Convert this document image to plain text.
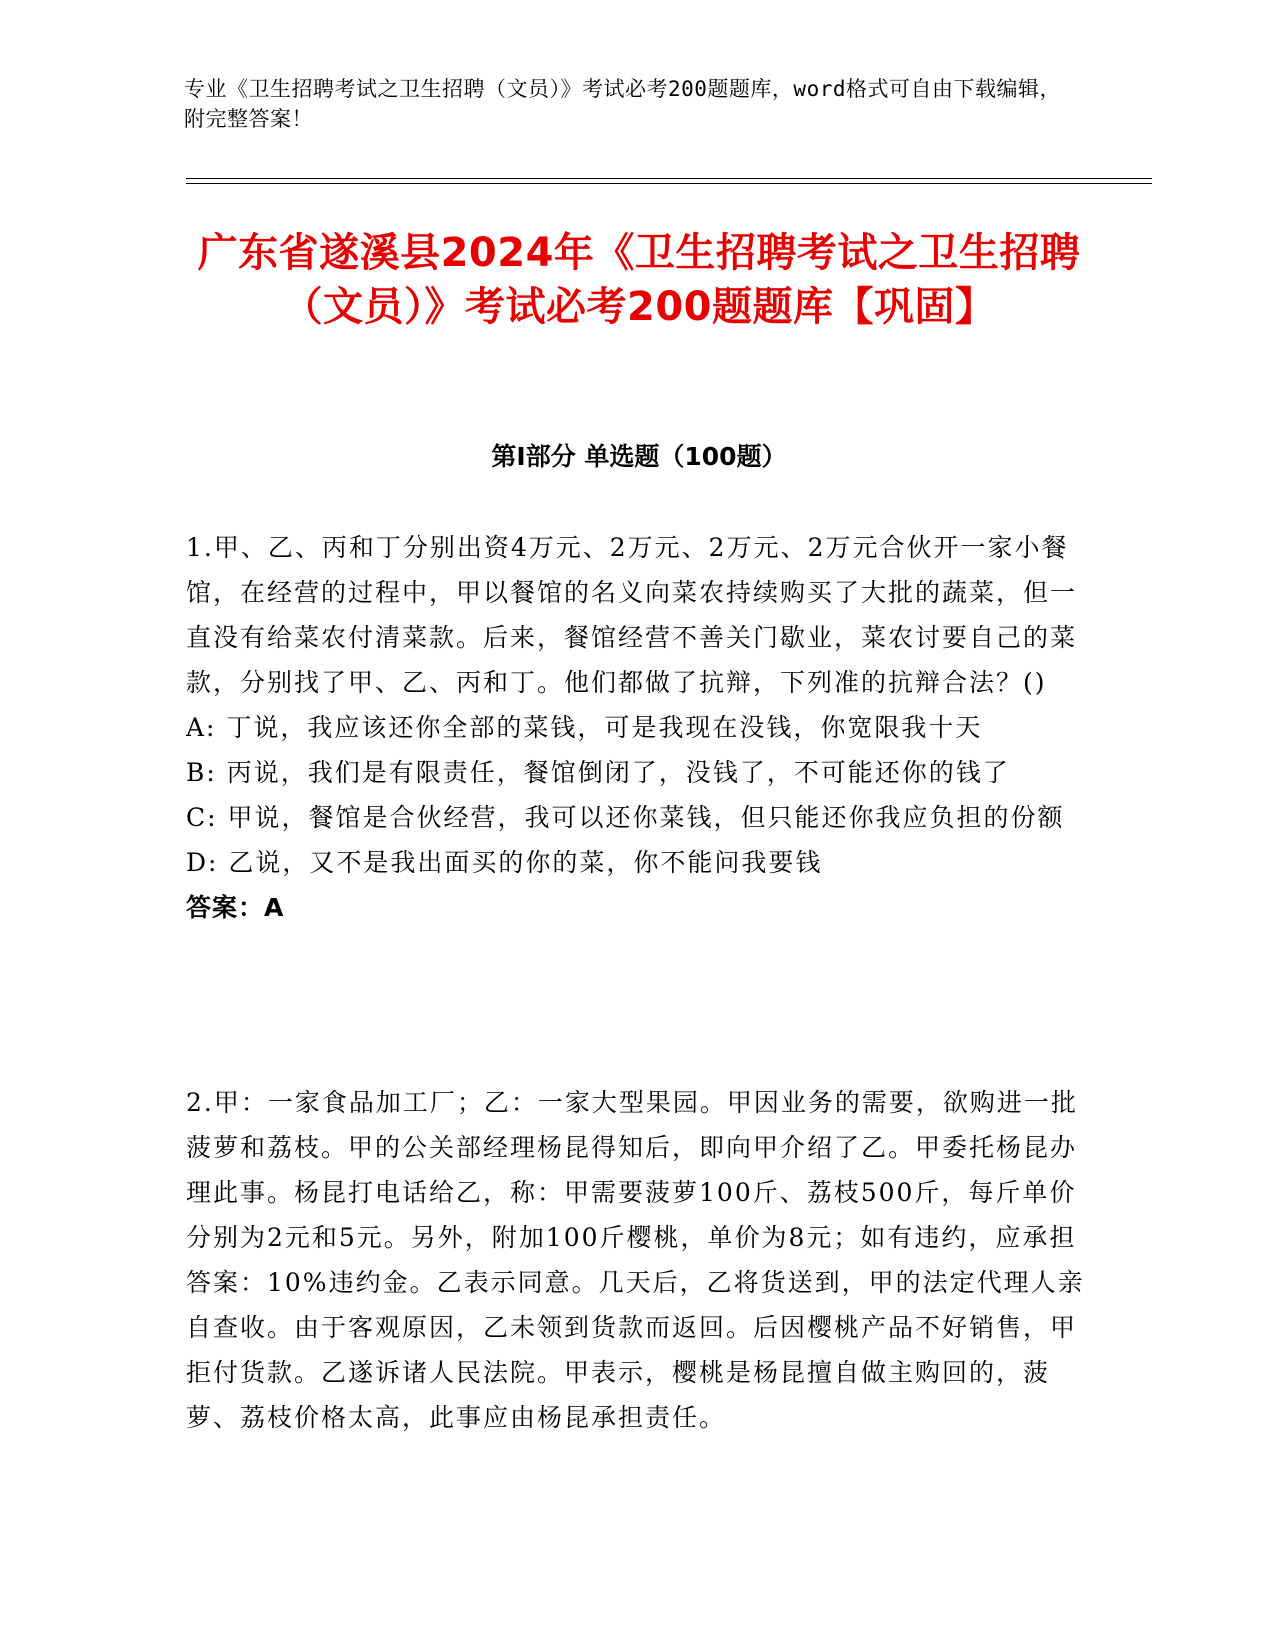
专业《卫生招聘考试之卫生招聘（文员）》考试必考200题题库，word格式可自由下载编辑，附完整答案！
广东省遂溪县2024年《卫生招聘考试之卫生招聘（文员）》考试必考200题题库【巩固】
第I部分 单选题（100题）

1.甲、乙、丙和丁分别出资4万元、2万元、2万元、2万元合伙开一家小餐馆，在经营的过程中，甲以餐馆的名义向菜农持续购买了大批的蔬菜，但一直没有给菜农付清菜款。后来，餐馆经营不善关门歇业，菜农讨要自己的菜款，分别找了甲、乙、丙和丁。他们都做了抗辩，下列准的抗辩合法？()

A: 丁说，我应该还你全部的菜钱，可是我现在没钱，你宽限我十天

B: 丙说，我们是有限责任，餐馆倒闭了，没钱了，不可能还你的钱了

C: 甲说，餐馆是合伙经营，我可以还你菜钱，但只能还你我应负担的份额

D: 乙说，又不是我出面买的你的菜，你不能问我要钱

答案：A

2.甲：一家食品加工厂；乙：一家大型果园。甲因业务的需要，欲购进一批菠萝和荔枝。甲的公关部经理杨昆得知后，即向甲介绍了乙。甲委托杨昆办理此事。杨昆打电话给乙，称：甲需要菠萝100斤、荔枝500斤，每斤单价分别为2元和5元。另外，附加100斤樱桃，单价为8元；如有违约，应承担答案：10%违约金。乙表示同意。几天后，乙将货送到，甲的法定代理人亲自查收。由于客观原因，乙未领到货款而返回。后因樱桃产品不好销售，甲拒付货款。乙遂诉诸人民法院。甲表示，樱桃是杨昆擅自做主购回的，菠萝、荔枝价格太高，此事应由杨昆承担责任。
